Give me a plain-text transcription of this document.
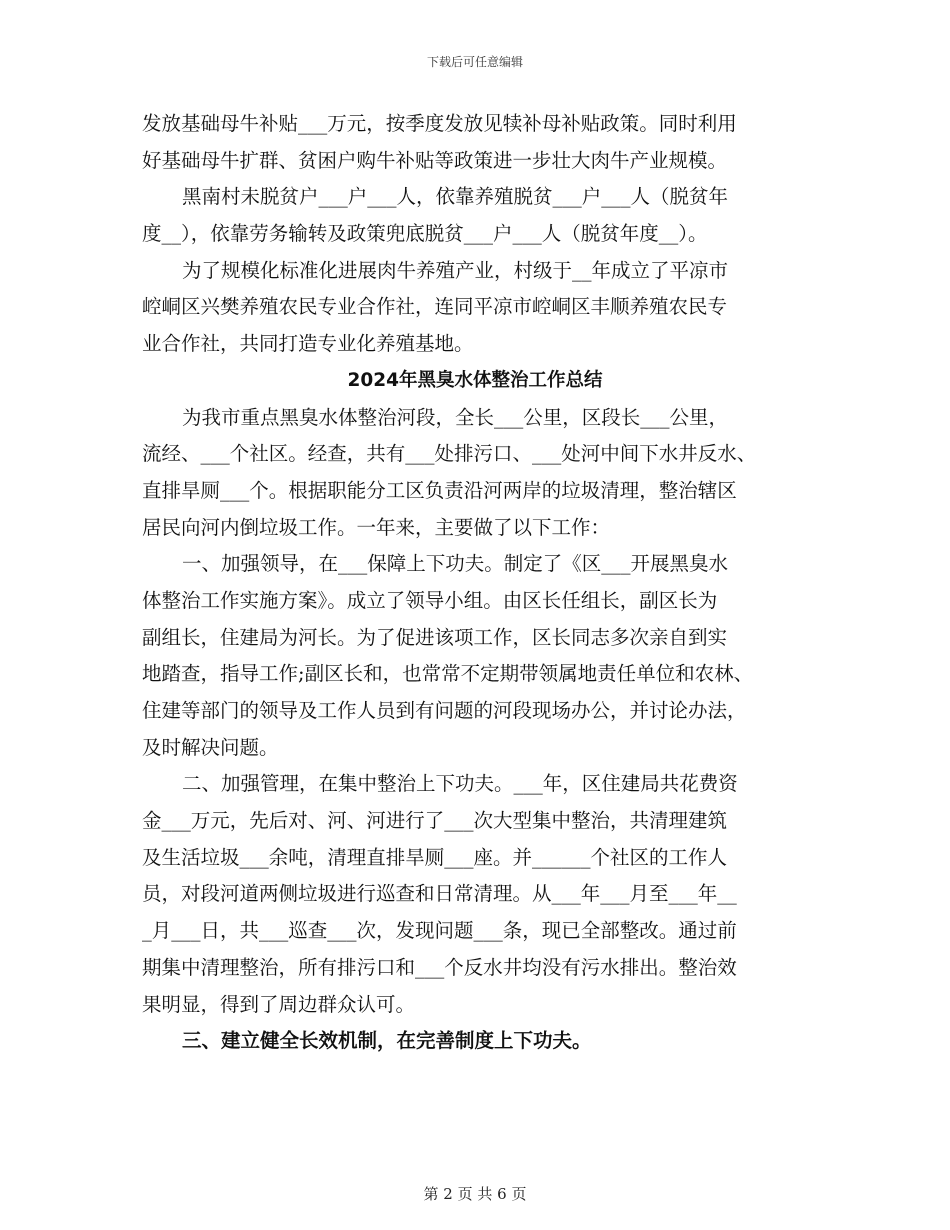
下载后可任意编辑
发放基础母牛补贴___万元，按季度发放见犊补母补贴政策。同时利用
好基础母牛扩群、贫困户购牛补贴等政策进一步壮大肉牛产业规模。
黑南村未脱贫户___户___人，依靠养殖脱贫___户___人（脱贫年
度__），依靠劳务输转及政策兜底脱贫___户___人（脱贫年度__）。
为了规模化标准化进展肉牛养殖产业，村级于__年成立了平凉市
崆峒区兴樊养殖农民专业合作社，连同平凉市崆峒区丰顺养殖农民专
业合作社，共同打造专业化养殖基地。
2024年黑臭水体整治工作总结
为我市重点黑臭水体整治河段，全长___公里，区段长___公里，
流经、___个社区。经查，共有___处排污口、___处河中间下水井反水、
直排旱厕___个。根据职能分工区负责沿河两岸的垃圾清理，整治辖区
居民向河内倒垃圾工作。一年来，主要做了以下工作：
一、加强领导，在___保障上下功夫。制定了《区___开展黑臭水
体整治工作实施方案》。成立了领导小组。由区长任组长，副区长为
副组长，住建局为河长。为了促进该项工作，区长同志多次亲自到实
地踏查，指导工作;副区长和，也常常不定期带领属地责任单位和农林、
住建等部门的领导及工作人员到有问题的河段现场办公，并讨论办法，
及时解决问题。
二、加强管理，在集中整治上下功夫。___年，区住建局共花费资
金___万元，先后对、河、河进行了___次大型集中整治，共清理建筑
及生活垃圾___余吨，清理直排旱厕___座。并______个社区的工作人
员，对段河道两侧垃圾进行巡查和日常清理。从___年___月至___年__
_月___日，共___巡查___次，发现问题___条，现已全部整改。通过前
期集中清理整治，所有排污口和___个反水井均没有污水排出。整治效
果明显，得到了周边群众认可。
三、建立健全长效机制，在完善制度上下功夫。
第 2 页 共 6 页
